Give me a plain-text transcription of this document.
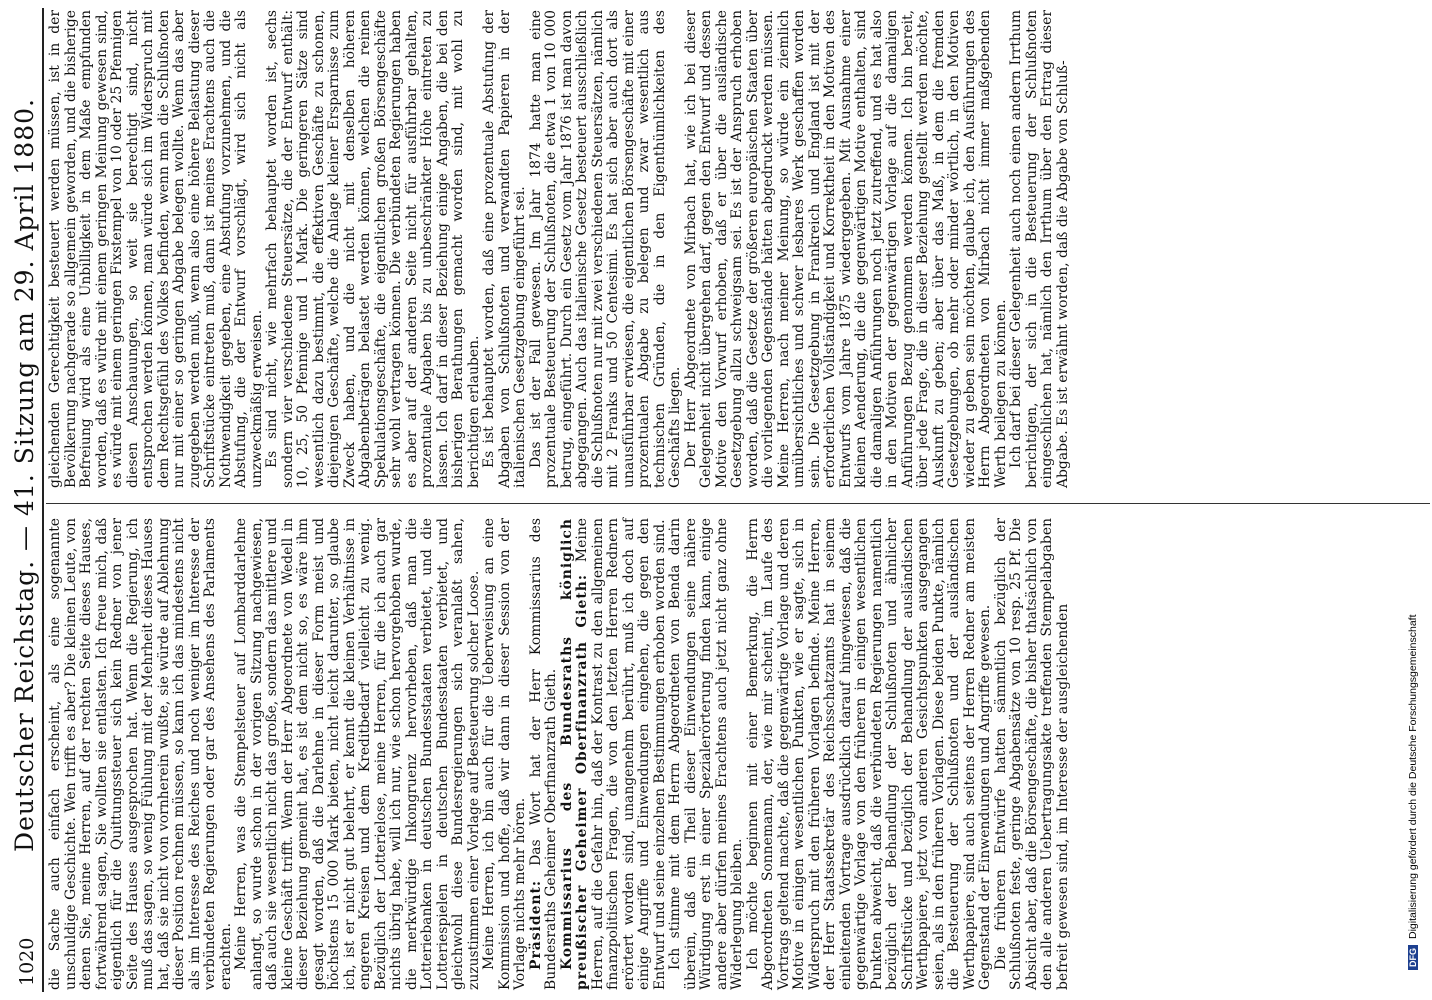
1020
Deutscher Reichstag. — 41. Sitzung am 29. April 1880. die Sache auch einfach erscheint, als eine sogenannte unschuldige Geschichte. Wen trifft es aber? Die kleinen Leute, von denen Sie, meine Herren, auf der rechten Seite dieses Hauses, fortwährend sagen, Sie wollten sie entlasten. Ich freue mich, daß eigentlich für die Quittungssteuer sich kein Redner von jener Seite des Hauses ausgesprochen hat. Wenn die Regierung, ich muß das sagen, so wenig Fühlung mit der Mehrheit dieses Hauses hat, daß sie nicht von vornherein wußte, sie würde auf Ablehnung dieser Position rechnen müssen, so kann ich das mindestens nicht als im Interesse des Reiches und noch weniger im Interesse der verbündeten Regierungen oder gar des Ansehens des Parlaments erachten. Meine Herren, was die Stempelsteuer auf Lombarddarlehne anlangt, so wurde schon in der vorigen Sitzung nachgewiesen, daß auch sie wesentlich nicht das große, sondern das mittlere und kleine Geschäft trifft. Wenn der Herr Abgeordnete von Wedell in dieser Beziehung gemeint hat, es ist dem nicht so, es wäre ihm gesagt worden, daß die Darlehne in dieser Form meist und höchstens 15 000 Mark bieten, nicht leicht darunter, so glaube ich, ist er nicht gut belehrt, er kennt die kleinen Verhältnisse in engeren Kreisen und dem Kreditbedarf vielleicht zu wenig. Bezüglich der Lotterielose, meine Herren, für die ich auch gar nichts übrig habe, will ich nur, wie schon hervorgehoben wurde, die merkwürdige Inkongruenz hervorheben, daß man die Lotteriebanken in deutschen Bundesstaaten verbietet, und die Lotteriespielen in deutschen Bundesstaaten verbietet, und gleichwohl diese Bundesregierungen sich veranlaßt sahen, zuzustimmen einer Vorlage auf Besteuerung solcher Loose. Meine Herren, ich bin auch für die Ueberweisung an eine Kommission und hoffe, daß wir dann in dieser Session von der Vorlage nichts mehr hören. Präsident: Das Wort hat der Herr Kommissarius des Bundesraths Geheimer Oberfinanzrath Gieth. Kommissarius des Bundesraths königlich preußischer Geheimer Oberfinanzrath Gieth: Meine Herren, auf die Gefahr hin, daß der Kontrast zu den allgemeinen finanzpolitischen Fragen, die von den letzten Herren Rednern erörtert worden sind, unangenehm berührt, muß ich doch auf einige Angriffe und Einwendungen eingehen, die gegen den Entwurf und seine einzelnen Bestimmungen erhoben worden sind. Ich stimme mit dem Herrn Abgeordneten von Benda darin überein, daß ein Theil dieser Einwendungen seine nähere Würdigung erst in einer Spezialerörterung finden kann, einige andere aber dürfen meines Erachtens auch jetzt nicht ganz ohne Widerlegung bleiben. Ich möchte beginnen mit einer Bemerkung, die Herrn Abgeordneten Sonnemann, der, wie mir scheint, im Laufe des Vortrags geltend machte, daß die gegenwärtige Vorlage und deren Motive in einigen wesentlichen Punkten, wie er sagte, sich in Widerspruch mit den früheren Vorlagen befinde. Meine Herren, der Herr Staatssekretär des Reichsschatzamts hat in seinem einleitenden Vortrage ausdrücklich darauf hingewiesen, daß die gegenwärtige Vorlage von den früheren in einigen wesentlichen Punkten abweicht, daß die verbündeten Regierungen namentlich bezüglich der Behandlung der Schlußnoten und ähnlicher Schriftstücke und bezüglich der Behandlung der ausländischen Werthpapiere, jetzt von anderen Gesichtspunkten ausgegangen seien, als in den früheren Vorlagen. Diese beiden Punkte, nämlich die Besteuerung der Schlußnoten und der ausländischen Werthpapiere, sind auch seitens der Herren Redner am meisten Gegenstand der Einwendungen und Angriffe gewesen. Die früheren Entwürfe hatten sämmtlich bezüglich der Schlußnoten feste, geringe Abgabensätze von 10 resp. 25 Pf. Die Absicht aber, daß die Börsengeschäfte, die bisher thatsächlich von den alle anderen Uebertragungsakte treffenden Stempelabgaben befreit gewesen sind, im Interesse der ausgleichenden

gleichenden Gerechtigkeit besteuert werden müssen, ist in der Bevölkerung nachgerade so allgemein geworden, und die bisherige Befreiung wird als eine Unbilligkeit in dem Maße empfunden worden, daß es würde mit einem geringen Meinung gewesen sind, es würde mit einem geringen Fixstempel von 10 oder 25 Pfennigen diesen Anschauungen, so weit sie berechtigt sind, nicht entsprochen werden können, man würde sich im Widerspruch mit dem Rechtsgefühl des Volkes befinden, wenn man die Schlußnoten nur mit einer so geringen Abgabe belegen wollte. Wenn das aber zugegeben werden muß, wenn also eine höhere Belastung dieser Schriftstücke eintreten muß, dann ist meines Erachtens auch die Nothwendigkeit gegeben, eine Abstufung vorzunehmen, und die Abstufung, die der Entwurf vorschlägt, wird sich nicht als unzweckmäßig erweisen. Es sind nicht, wie mehrfach behauptet worden ist, sechs sondern vier verschiedene Steuersätze, die der Entwurf enthält: 10, 25, 50 Pfennige und 1 Mark. Die geringeren Sätze sind wesentlich dazu bestimmt, die effektiven Geschäfte zu schonen, diejenigen Geschäfte, welche die Anlage kleiner Ersparnisse zum Zweck haben, und die nicht mit denselben höheren Abgabenbeträgen belastet werden können, welchen die reinen Spekulationsgeschäfte, die eigentlichen großen Börsengeschäfte sehr wohl vertragen können. Die verbündeten Regierungen haben es aber auf der anderen Seite nicht für ausführbar gehalten, prozentuale Abgaben bis zu unbeschränkter Höhe eintreten zu lassen. Ich darf in dieser Beziehung einige Angaben, die bei den bisherigen Berathungen gemacht worden sind, mit wohl zu berichtigen erlauben. Es ist behauptet worden, daß eine prozentuale Abstufung der Abgaben von Schlußnoten und verwandten Papieren in der italienischen Gesetzgebung eingeführt sei. Das ist der Fall gewesen. Im Jahr 1874 hatte man eine prozentuale Besteuerung der Schlußnoten, die etwa 1 von 10 000 betrug, eingeführt. Durch ein Gesetz vom Jahr 1876 ist man davon abgegangen. Auch das italienische Gesetz besteuert ausschließlich die Schlußnoten nur mit zwei verschiedenen Steuersätzen, nämlich mit 2 Franks und 50 Centesimi. Es hat sich aber auch dort als unausführbar erwiesen, die eigentlichen Börsengeschäfte mit einer prozentualen Abgabe zu belegen und zwar wesentlich aus technischen Gründen, die in den Eigenthümlichkeiten des Geschäfts liegen. Der Herr Abgeordnete von Mirbach hat, wie ich bei dieser Gelegenheit nicht übergehen darf, gegen den Entwurf und dessen Motive den Vorwurf erhoben, daß er über die ausländische Gesetzgebung allzu schweigsam sei. Es ist der Anspruch erhoben worden, daß die Gesetze der größeren europäischen Staaten über die vorliegenden Gegenstände hätten abgedruckt werden müssen. Meine Herren, nach meiner Meinung, so würde ein ziemlich umübersichtliches und schwer lesbares Werk geschaffen worden sein. Die Gesetzgebung in Frankreich und England ist mit der erforderlichen Vollständigkeit und Korrektheit in den Motiven des Entwurfs vom Jahre 1875 wiedergegeben. Mit Ausnahme einer kleinen Aenderung, die die gegenwärtigen Motive enthalten, sind die damaligen Anführungen noch jetzt zutreffend, und es hat also in den Motiven der gegenwärtigen Vorlage auf die damaligen Anführungen Bezug genommen werden können. Ich bin bereit, über jede Frage, die in dieser Beziehung gestellt werden möchte, Auskunft zu geben; aber über das Maß, in dem die fremden Gesetzgebungen, ob mehr oder minder wörtlich, in den Motiven wieder zu geben sein möchten, glaube ich, den Ausführungen des Herrn Abgeordneten von Mirbach nicht immer maßgebenden Werth beilegen zu können. Ich darf bei dieser Gelegenheit auch noch einen andern Irrthum berichtigen, der sich in die Besteuerung der Schlußnoten eingeschlichen hat, nämlich den Irrthum über den Ertrag dieser Abgabe. Es ist erwähnt worden, daß die Abgabe von Schluß-

DFGDigitalisierung gefördert durch die Deutsche Forschungsgemeinschaft
